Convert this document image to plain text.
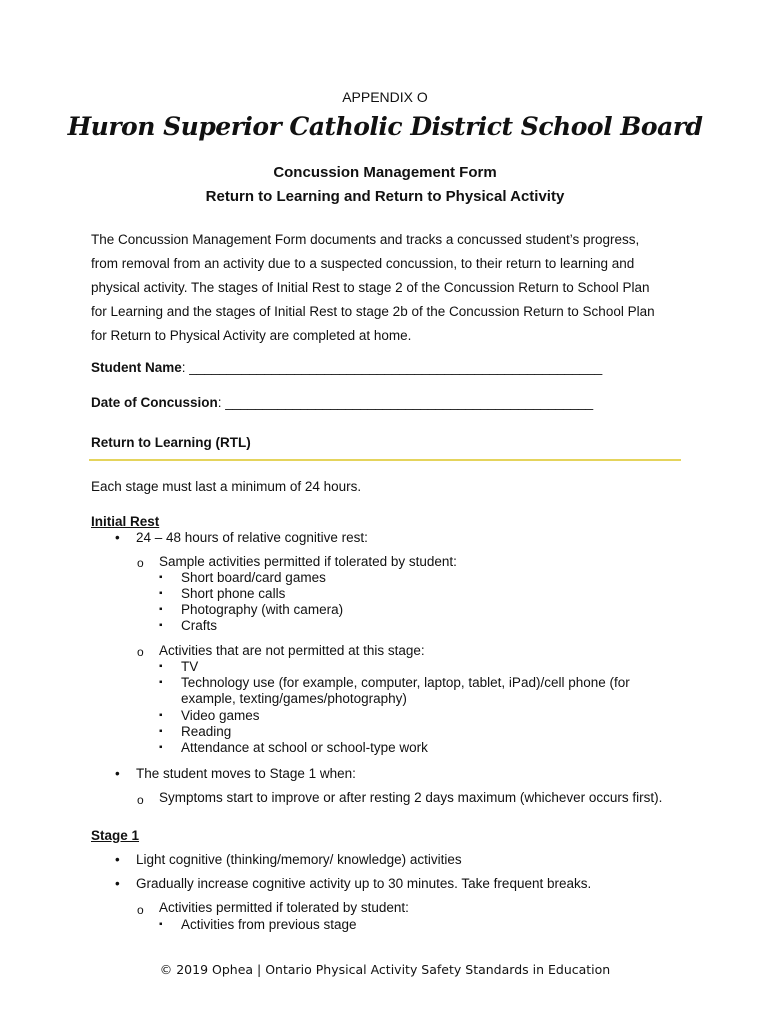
APPENDIX O
Huron Superior Catholic District School Board
Concussion Management Form
Return to Learning and Return to Physical Activity
The Concussion Management Form documents and tracks a concussed student’s progress,
from removal from an activity due to a suspected concussion, to their return to learning and
physical activity. The stages of Initial Rest to stage 2 of the Concussion Return to School Plan
for Learning and the stages of Initial Rest to stage 2b of the Concussion Return to School Plan
for Return to Physical Activity are completed at home.
Student Name: _______________________________________________________
Date of Concussion: _________________________________________________
Return to Learning (RTL)
Each stage must last a minimum of 24 hours.
Initial Rest
• 24 – 48 hours of relative cognitive rest:
o Sample activities permitted if tolerated by student:
▪ Short board/card games
▪ Short phone calls
▪ Photography (with camera)
▪ Crafts
o Activities that are not permitted at this stage:
▪ TV
▪ Technology use (for example, computer, laptop, tablet, iPad)/cell phone (for
example, texting/games/photography)
▪ Video games
▪ Reading
▪ Attendance at school or school-type work
• The student moves to Stage 1 when:
o Symptoms start to improve or after resting 2 days maximum (whichever occurs first).
Stage 1
• Light cognitive (thinking/memory/ knowledge) activities
• Gradually increase cognitive activity up to 30 minutes. Take frequent breaks.
o Activities permitted if tolerated by student:
▪ Activities from previous stage
© 2019 Ophea | Ontario Physical Activity Safety Standards in Education
